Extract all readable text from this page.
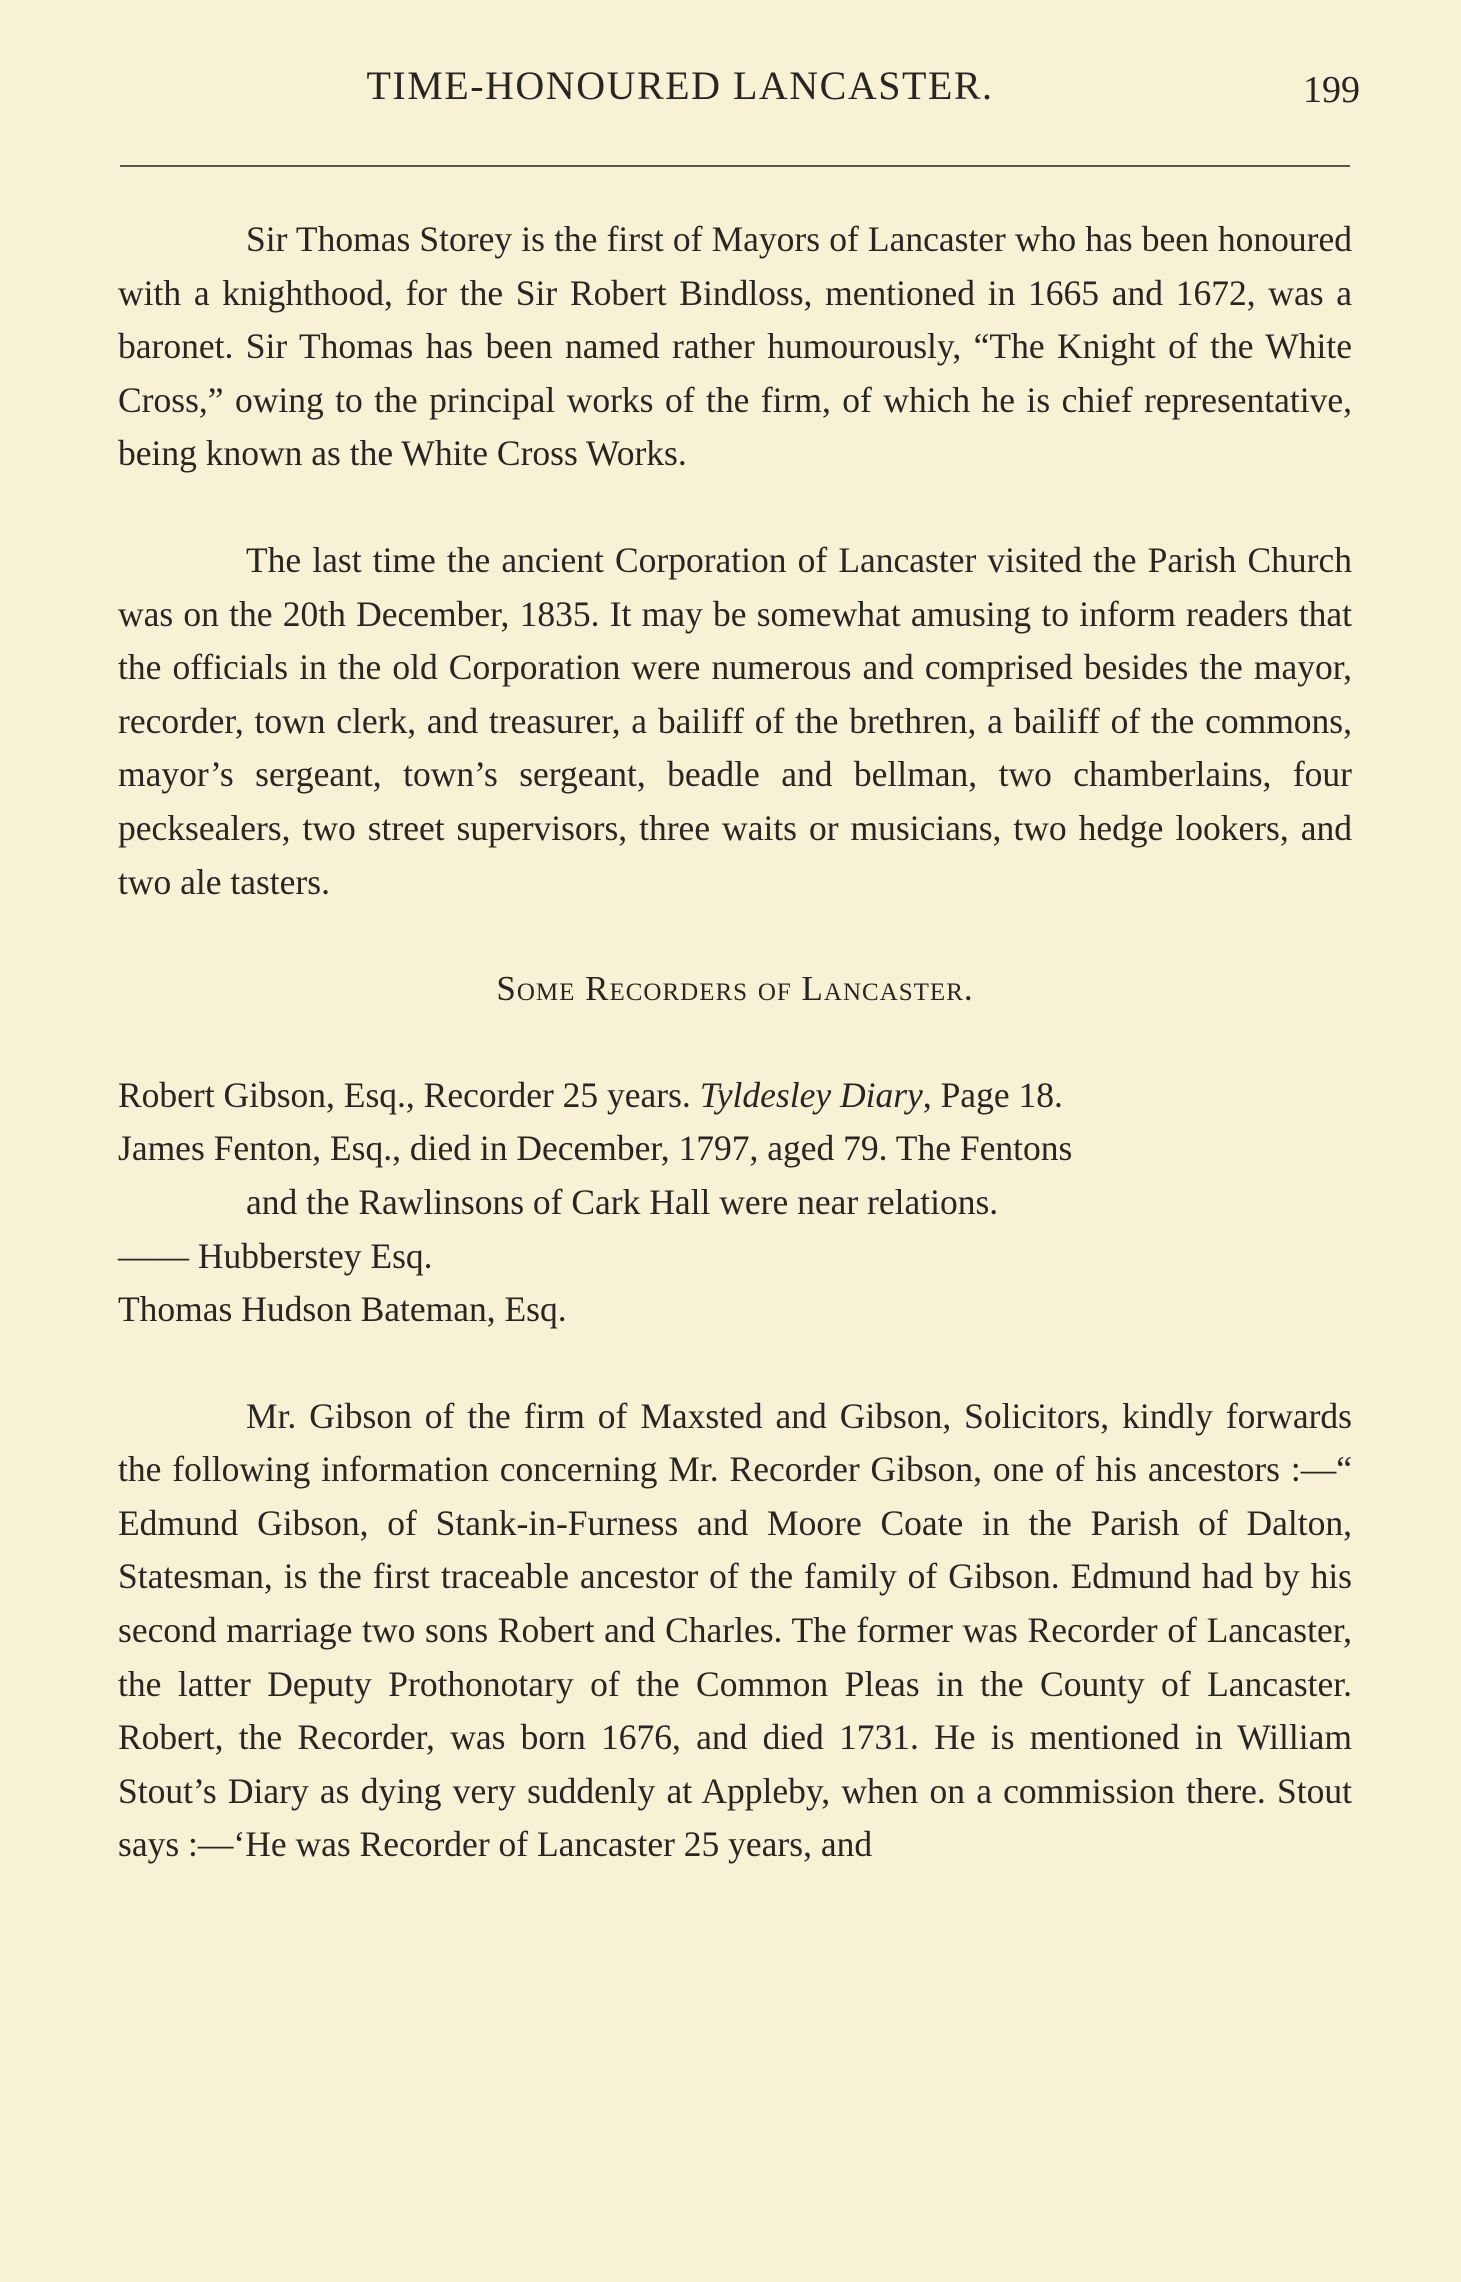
TIME-HONOURED LANCASTER.	199

Sir Thomas Storey is the first of Mayors of Lancaster who has been honoured with a knighthood, for the Sir Robert Bindloss, mentioned in 1665 and 1672, was a baronet. Sir Thomas has been named rather humourously, “The Knight of the White Cross,” owing to the principal works of the firm, of which he is chief representative, being known as the White Cross Works.

The last time the ancient Corporation of Lancaster visited the Parish Church was on the 20th December, 1835. It may be somewhat amusing to inform readers that the officials in the old Corporation were numerous and comprised besides the mayor, recorder, town clerk, and treasurer, a bailiff of the brethren, a bailiff of the commons, mayor’s sergeant, town’s sergeant, beadle and bellman, two chamberlains, four pecksealers, two street supervisors, three waits or musicians, two hedge lookers, and two ale tasters.

Some Recorders of Lancaster.

Robert Gibson, Esq., Recorder 25 years. Tyldesley Diary, Page 18.
James Fenton, Esq., died in December, 1797, aged 79. The Fentons
and the Rawlinsons of Cark Hall were near relations.
—— Hubberstey Esq.
Thomas Hudson Bateman, Esq.

Mr. Gibson of the firm of Maxsted and Gibson, Solicitors, kindly forwards the following information concerning Mr. Recorder Gibson, one of his ancestors :—“ Edmund Gibson, of Stank-in-Furness and Moore Coate in the Parish of Dalton, Statesman, is the first traceable ancestor of the family of Gibson. Edmund had by his second marriage two sons Robert and Charles. The former was Recorder of Lancaster, the latter Deputy Prothonotary of the Common Pleas in the County of Lancaster. Robert, the Recorder, was born 1676, and died 1731. He is mentioned in William Stout’s Diary as dying very suddenly at Appleby, when on a commission there. Stout says :—‘He was Recorder of Lancaster 25 years, and
